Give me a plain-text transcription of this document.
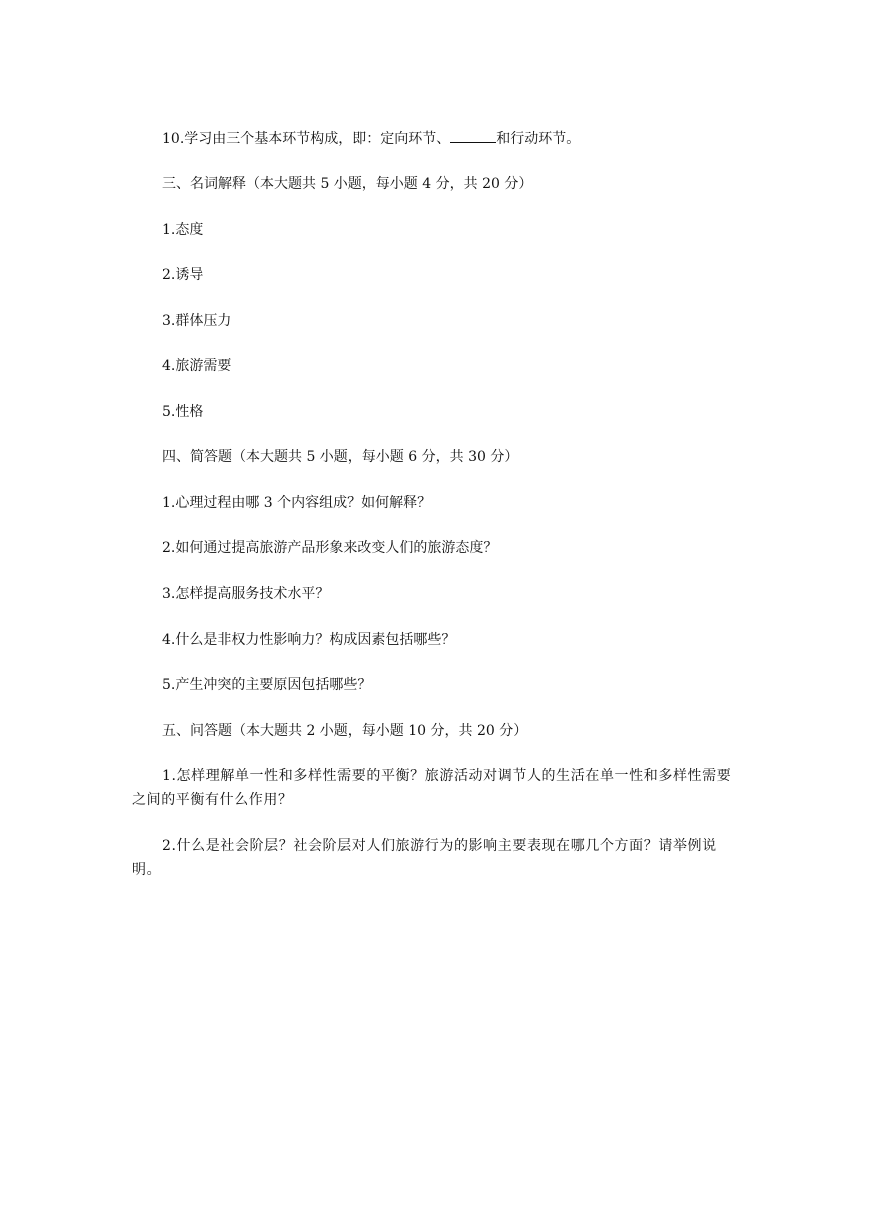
10.学习由三个基本环节构成，即：定向环节、	和行动环节。
三、名词解释（本大题共 5 小题，每小题 4 分，共 20 分）
1.态度
2.诱导
3.群体压力
4.旅游需要
5.性格
四、简答题（本大题共 5 小题，每小题 6 分，共 30 分）
1.心理过程由哪 3 个内容组成？如何解释？
2.如何通过提高旅游产品形象来改变人们的旅游态度？
3.怎样提高服务技术水平？
4.什么是非权力性影响力？构成因素包括哪些？
5.产生冲突的主要原因包括哪些？
五、问答题（本大题共 2 小题，每小题 10 分，共 20 分）
1.怎样理解单一性和多样性需要的平衡？旅游活动对调节人的生活在单一性和多样性需要之间的平衡有什么作用？
2.什么是社会阶层？社会阶层对人们旅游行为的影响主要表现在哪几个方面？请举例说明。
